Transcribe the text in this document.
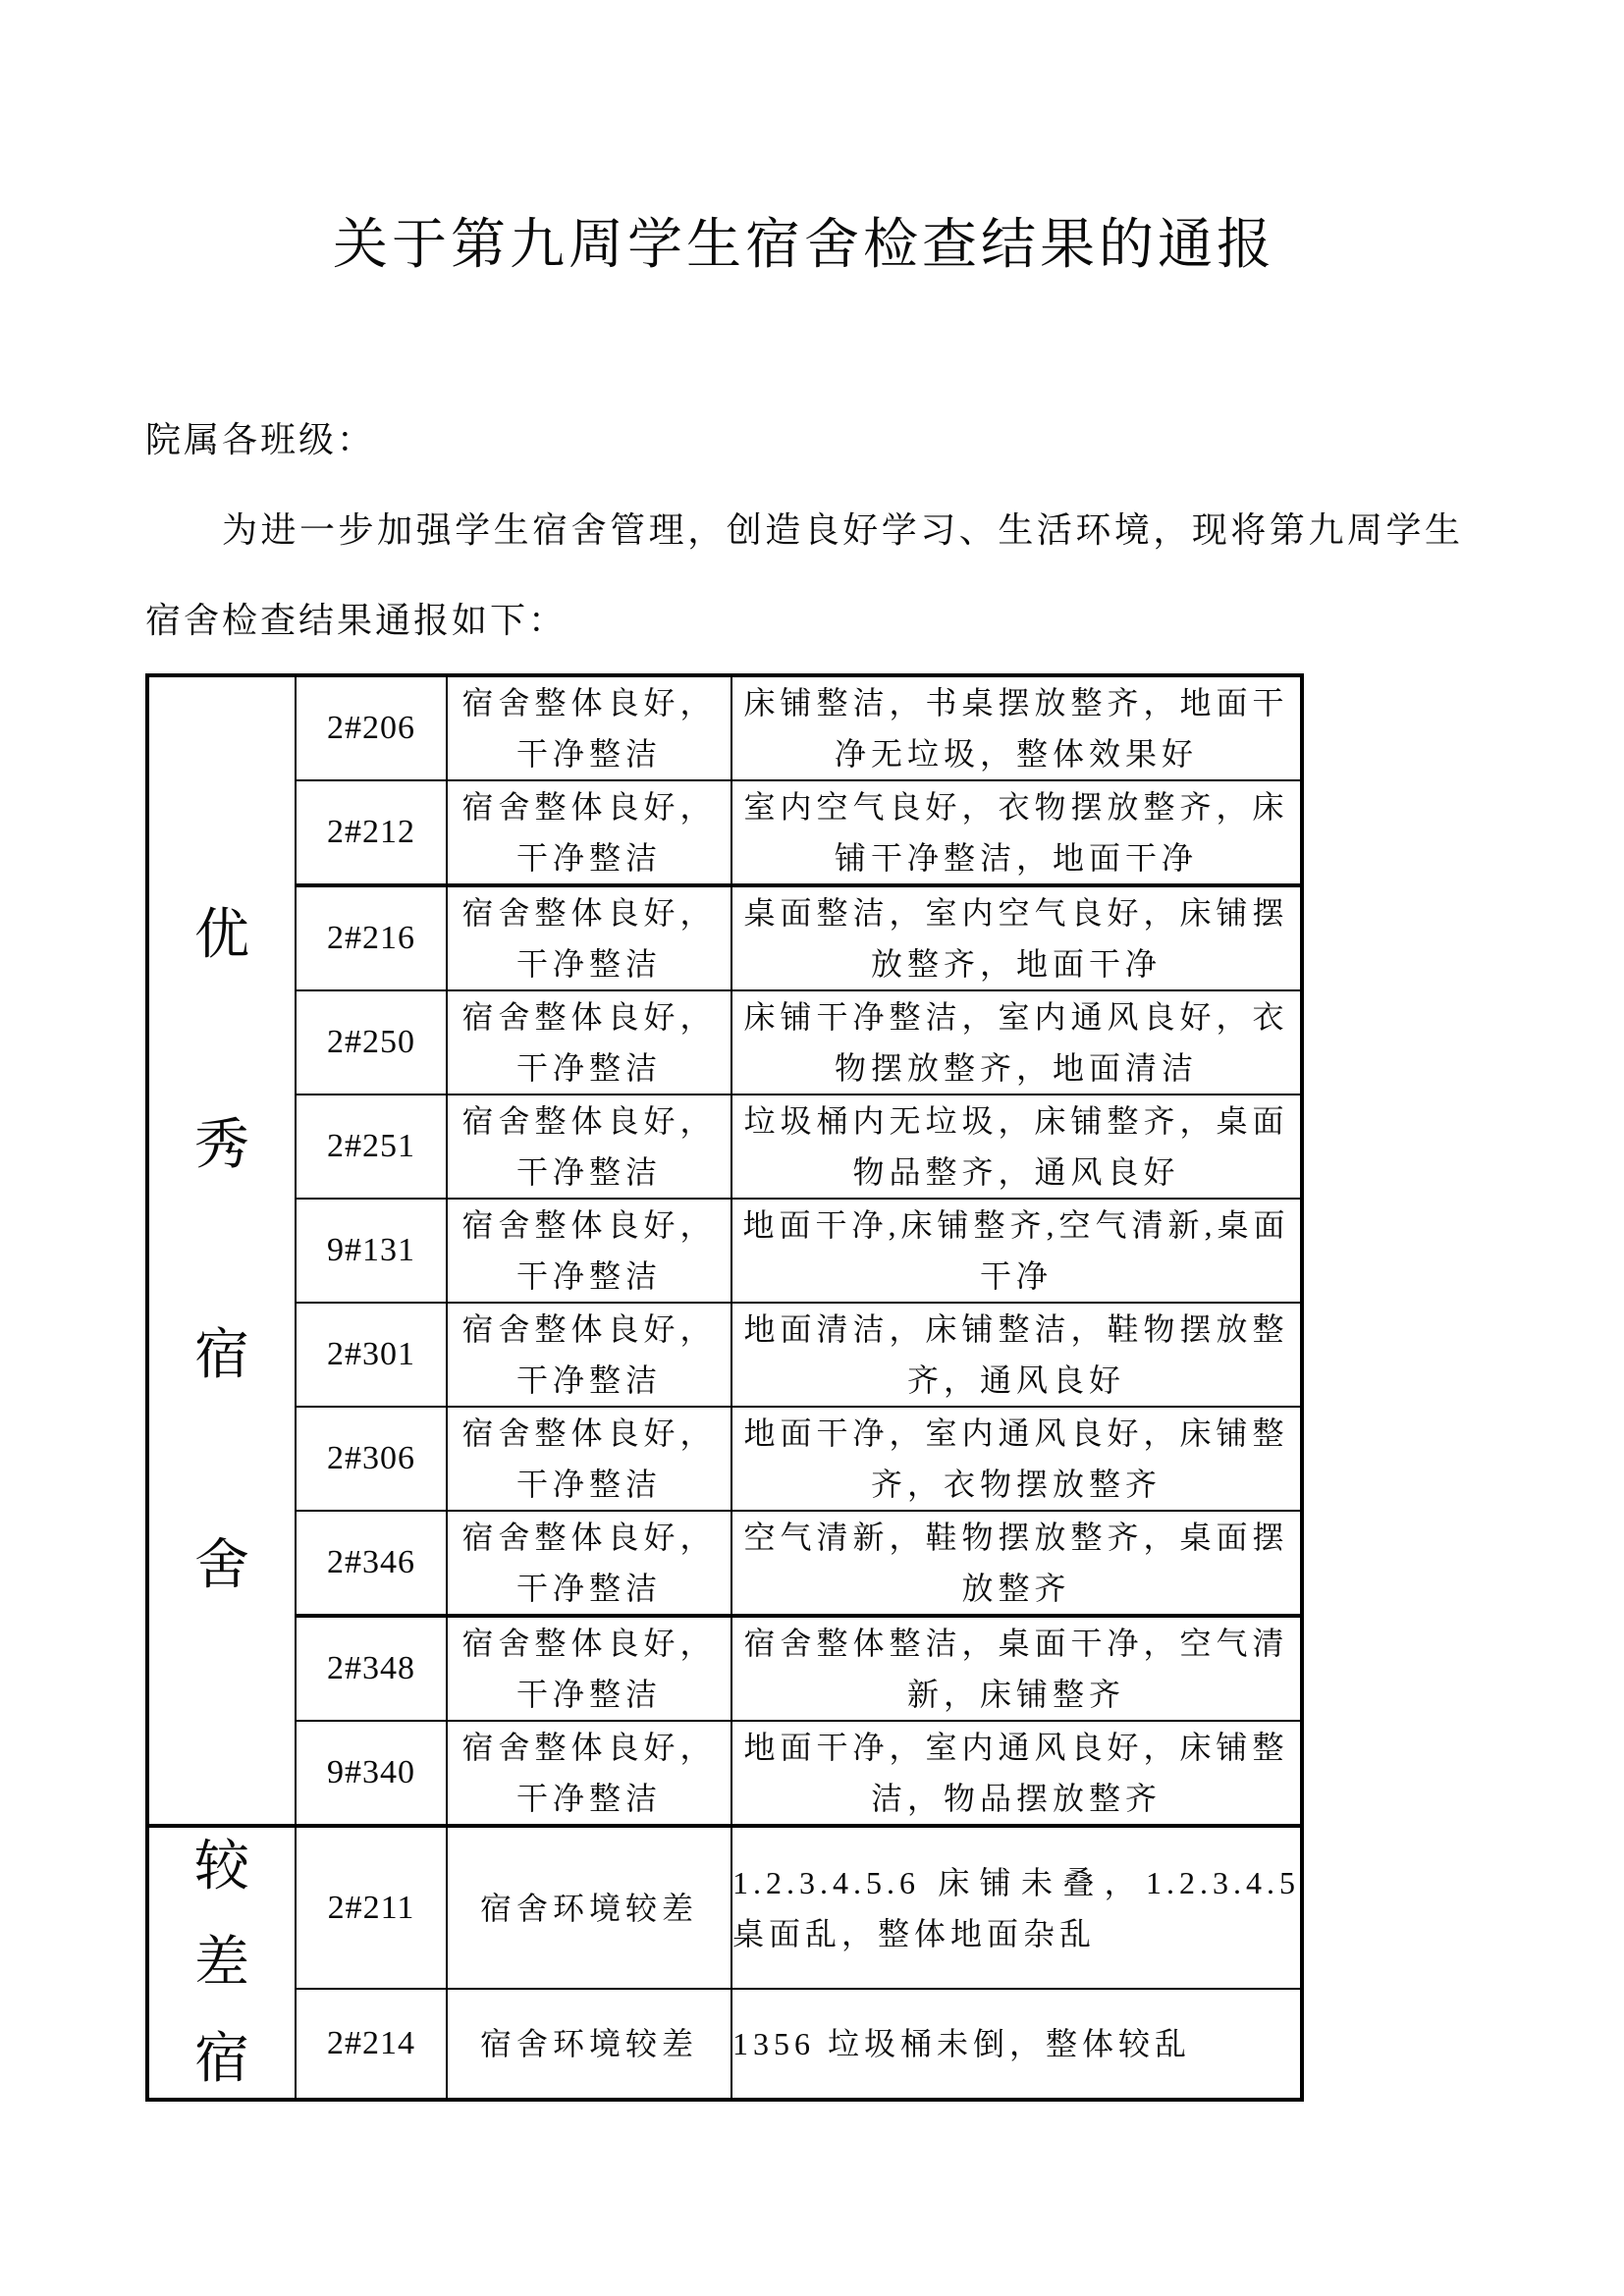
关于第九周学生宿舍检查结果的通报

院属各班级：

为进一步加强学生宿舍管理，创造良好学习、生活环境，现将第九周学生宿舍检查结果通报如下：

优
秀
宿
舍	2#206	宿舍整体良好，干净整洁	床铺整洁，书桌摆放整齐，地面干净无垃圾，整体效果好
	2#212	宿舍整体良好，干净整洁	室内空气良好，衣物摆放整齐，床铺干净整洁，地面干净
	2#216	宿舍整体良好，干净整洁	桌面整洁，室内空气良好，床铺摆放整齐，地面干净
	2#250	宿舍整体良好，干净整洁	床铺干净整洁，室内通风良好，衣物摆放整齐，地面清洁
	2#251	宿舍整体良好，干净整洁	垃圾桶内无垃圾，床铺整齐，桌面物品整齐，通风良好
	9#131	宿舍整体良好，干净整洁	地面干净,床铺整齐,空气清新,桌面干净
	2#301	宿舍整体良好，干净整洁	地面清洁，床铺整洁，鞋物摆放整齐，通风良好
	2#306	宿舍整体良好，干净整洁	地面干净，室内通风良好，床铺整齐，衣物摆放整齐
	2#346	宿舍整体良好，干净整洁	空气清新，鞋物摆放整齐，桌面摆放整齐
	2#348	宿舍整体良好，干净整洁	宿舍整体整洁，桌面干净，空气清新，床铺整齐
	9#340	宿舍整体良好，干净整洁	地面干净，室内通风良好，床铺整洁，物品摆放整齐

较
差
宿	2#211	宿舍环境较差	1.2.3.4.5.6 床铺未叠，1.2.3.4.5 桌面乱，整体地面杂乱
	2#214	宿舍环境较差	1356 垃圾桶未倒，整体较乱
